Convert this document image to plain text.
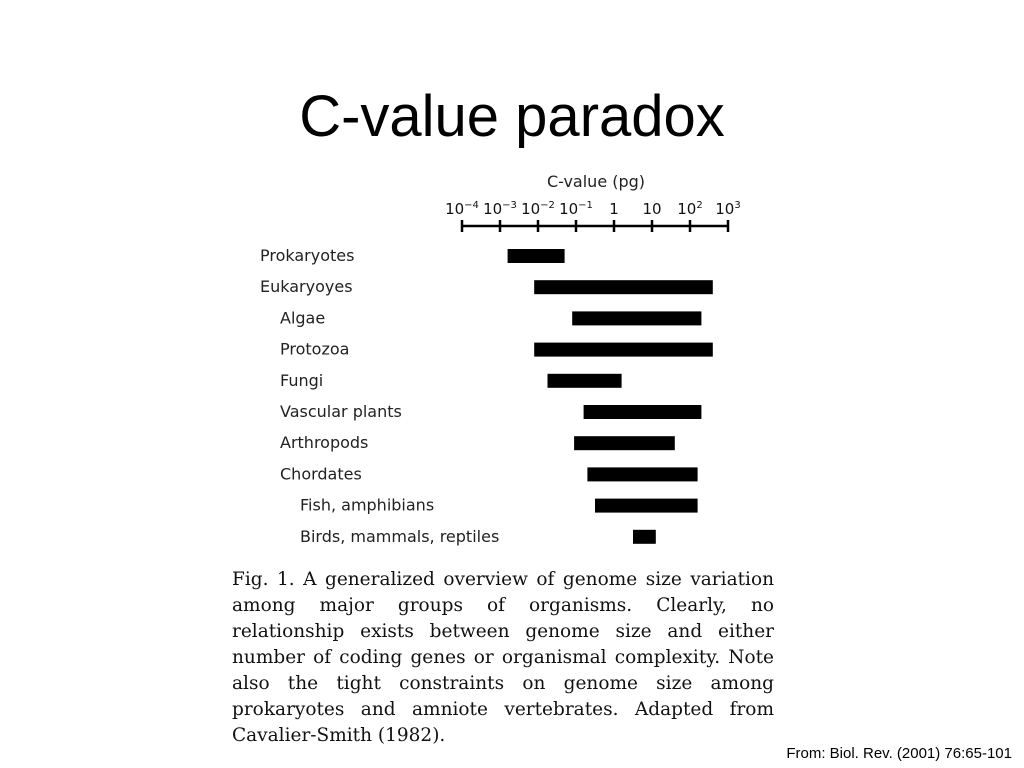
C-value paradox
C-value (pg)
$10^{-4}$ $10^{-3}$ $10^{-2}$ $10^{-1}$ 1 10 $10^2$ $10^3$
Prokaryotes
Eukaryoyes
Algae
Protozoa
Fungi
Vascular plants
Arthropods
Chordates
Fish, amphibians
Birds, mammals, reptiles
Fig. 1. A generalized overview of genome size variation among major groups of organisms. Clearly, no relationship exists between genome size and either number of coding genes or organismal complexity. Note also the tight constraints on genome size among prokaryotes and amniote vertebrates. Adapted from Cavalier-Smith (1982).
From: Biol. Rev. (2001) 76:65-101
